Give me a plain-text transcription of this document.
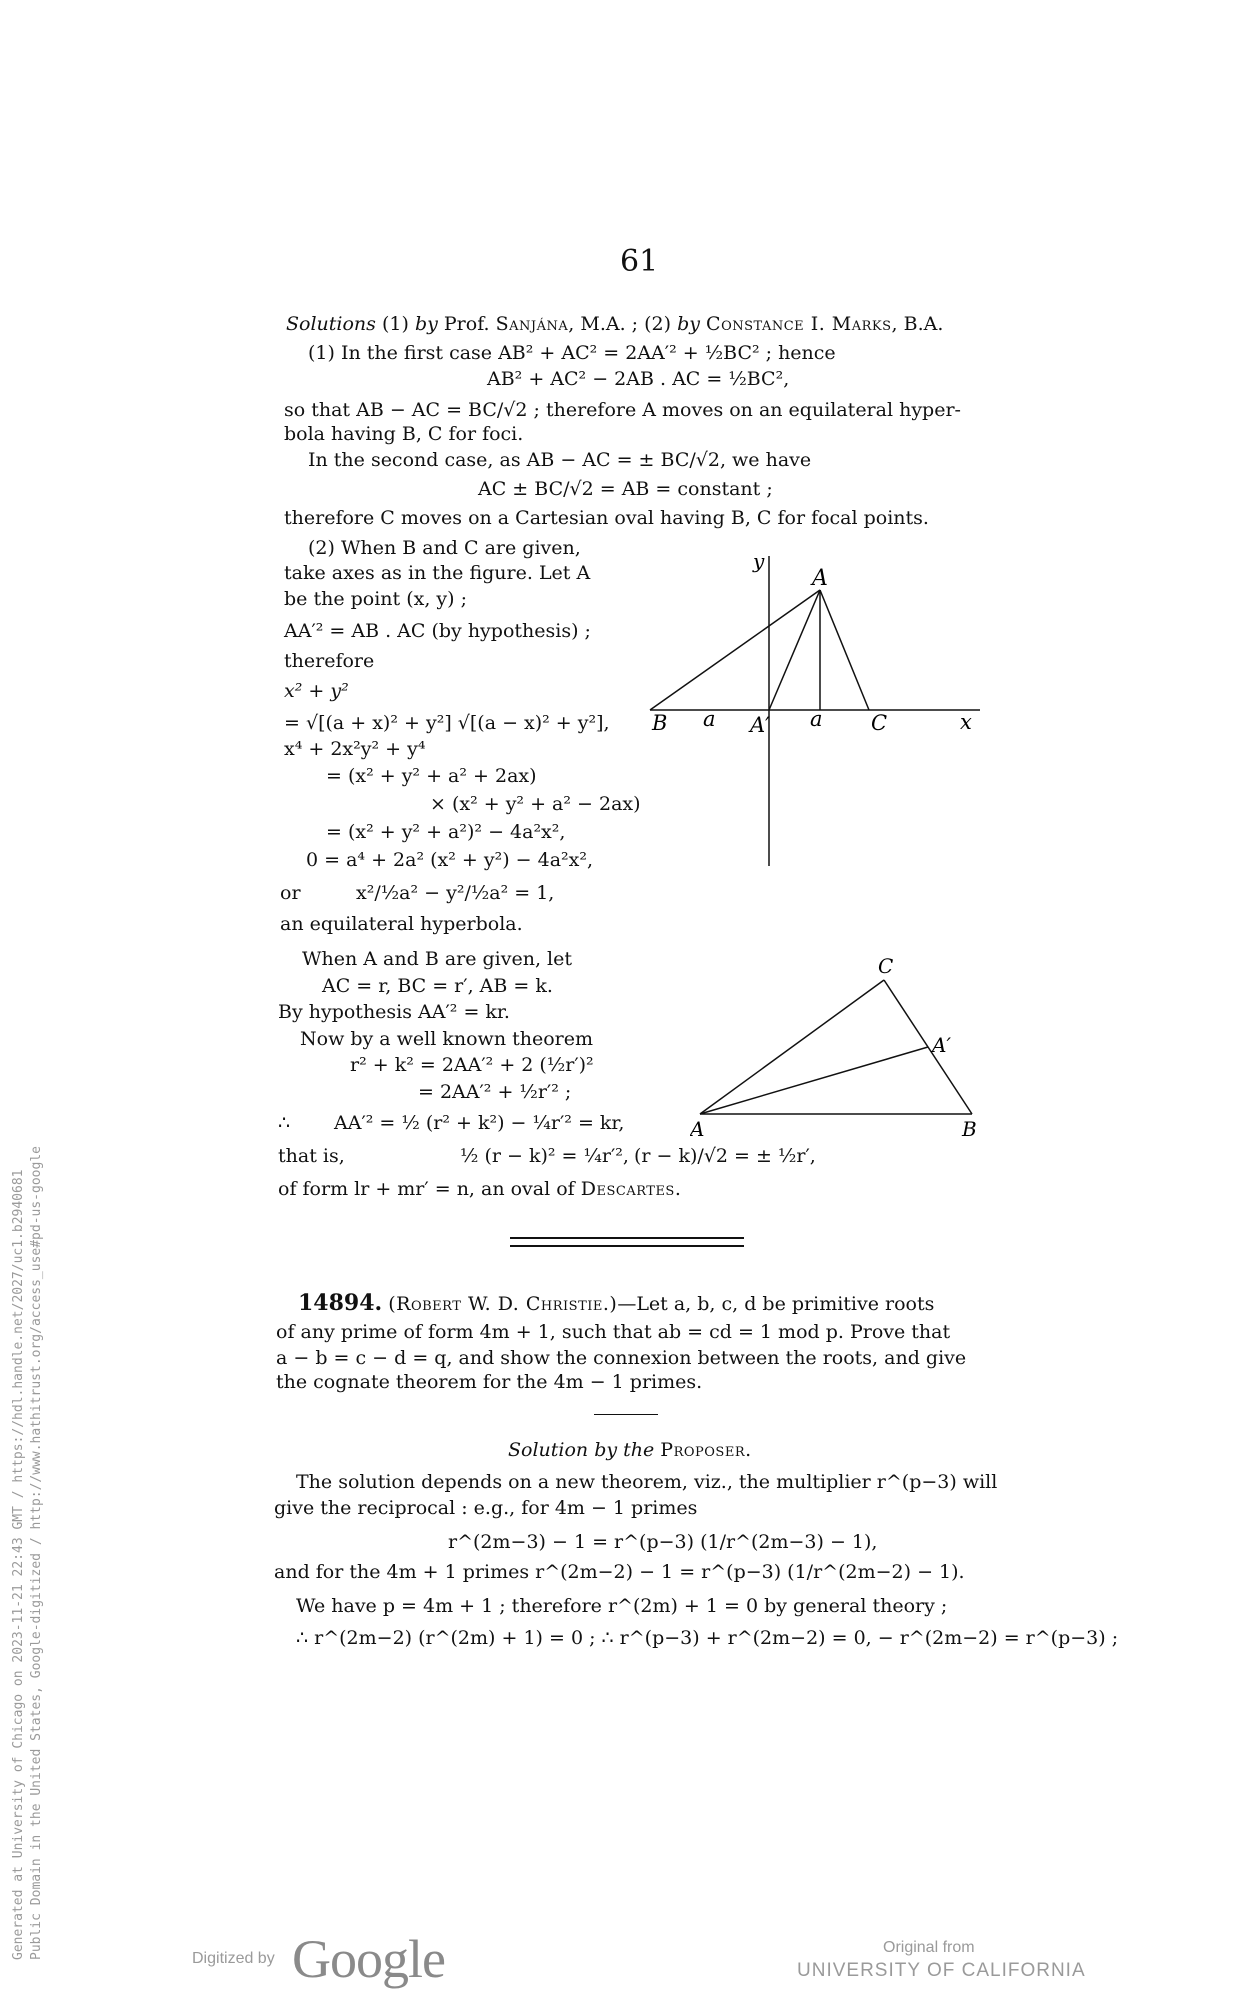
61
Solutions (1) by Prof. Sanjána, M.A. ; (2) by Constance I. Marks, B.A.
(1) In the first case AB² + AC² = 2AA′² + ½BC² ; hence
AB² + AC² − 2AB . AC = ½BC²,
so that AB − AC = BC/√2 ; therefore A moves on an equilateral hyper-
bola having B, C for foci.
In the second case, as AB − AC = ± BC/√2, we have
AC ± BC/√2 = AB = constant ;
therefore C moves on a Cartesian oval having B, C for focal points.
(2) When B and C are given,
take axes as in the figure. Let A
be the point (x, y) ;
AA′² = AB . AC (by hypothesis) ;
therefore
x² + y²
= √[(a + x)² + y²] √[(a − x)² + y²],
x⁴ + 2x²y² + y⁴
= (x² + y² + a² + 2ax)
× (x² + y² + a² − 2ax)
= (x² + y² + a²)² − 4a²x²,
0 = a⁴ + 2a² (x² + y²) − 4a²x²,
or	x²/½a² − y²/½a² = 1,
an equilateral hyperbola.
y
A
B a A′ a C	x
When A and B are given, let
AC = r, BC = r′, AB = k.
By hypothesis AA′² = kr.
Now by a well known theorem
r² + k² = 2AA′² + 2 (½r′)²
= 2AA′² + ½r′² ;
∴ AA′² = ½ (r² + k²) − ¼r′² = kr,
that is,	½ (r − k)² = ¼r′², (r − k)/√2 = ± ½r′,
of form lr + mr′ = n, an oval of Descartes.
C
A′
A	B
14894. (Robert W. D. Christie.)—Let a, b, c, d be primitive roots
of any prime of form 4m + 1, such that ab = cd = 1 mod p. Prove that
a − b = c − d = q, and show the connexion between the roots, and give
the cognate theorem for the 4m − 1 primes.
Solution by the Proposer.
The solution depends on a new theorem, viz., the multiplier r^(p−3) will
give the reciprocal : e.g., for 4m − 1 primes
r^(2m−3) − 1 = r^(p−3) (1/r^(2m−3) − 1),
and for the 4m + 1 primes r^(2m−2) − 1 = r^(p−3) (1/r^(2m−2) − 1).
We have p = 4m + 1 ; therefore r^(2m) + 1 = 0 by general theory ;
∴ r^(2m−2) (r^(2m) + 1) = 0 ; ∴ r^(p−3) + r^(2m−2) = 0, − r^(2m−2) = r^(p−3) ;
Generated at University of Chicago on 2023-11-21 22:43 GMT / https://hdl.handle.net/2027/uc1.b2940681 Public Domain in the United States, Google-digitized / http://www.hathitrust.org/access_use#pd-us-google	Digitized by Google	Original from
UNIVERSITY OF CALIFORNIA
